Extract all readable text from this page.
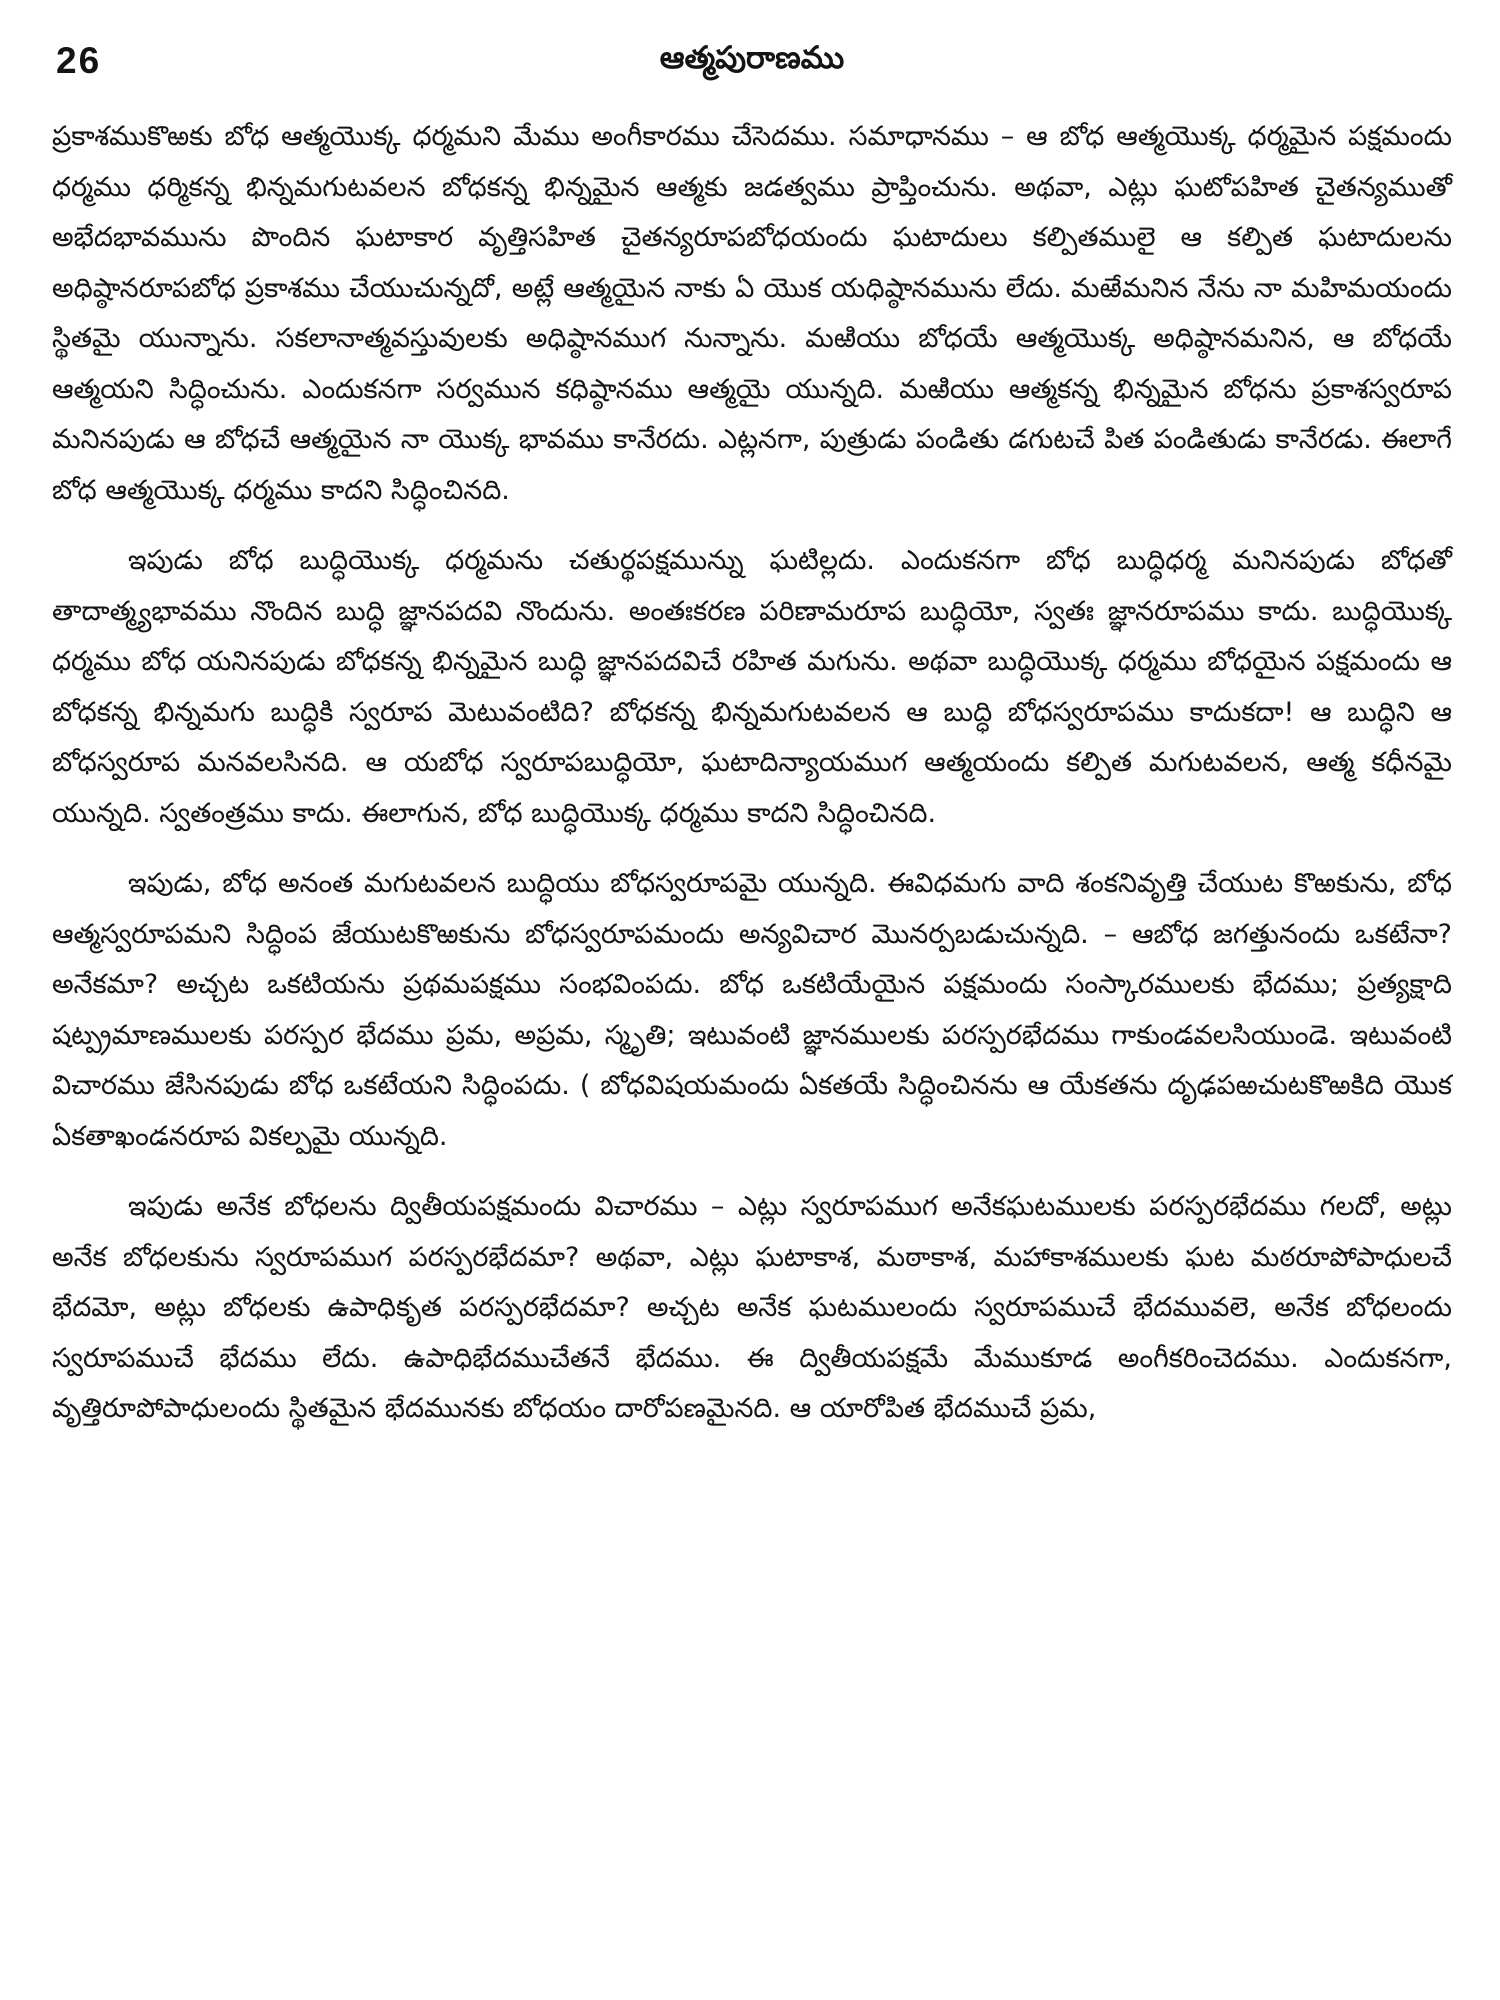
26	ఆత్మపురాణము

ప్రకాశముకొఱకు బోధ ఆత్మయొక్క ధర్మమని మేము అంగీకారము చేసెదము. సమాధానము – ఆ బోధ ఆత్మయొక్క ధర్మమైన పక్షమందు ధర్మము ధర్మికన్న భిన్నమగుటవలన బోధకన్న భిన్నమైన ఆత్మకు జడత్వము ప్రాప్తించును. అథవా, ఎట్లు ఘటోపహిత చైతన్యముతో అభేదభావమును పొందిన ఘటాకార వృత్తిసహిత చైతన్యరూపబోధయందు ఘటాదులు కల్పితములై ఆ కల్పిత ఘటాదులను అధిష్ఠానరూపబోధ ప్రకాశము చేయుచున్నదో, అట్లే ఆత్మయైన నాకు ఏ యొక యధిష్ఠానమును లేదు. మఱేమనిన నేను నా మహిమయందు స్థితమై యున్నాను. సకలానాత్మవస్తువులకు అధిష్ఠానముగ నున్నాను. మఱియు బోధయే ఆత్మయొక్క అధిష్ఠానమనిన, ఆ బోధయే ఆత్మయని సిద్ధించును. ఎందుకనగా సర్వమున కధిష్ఠానము ఆత్మయై యున్నది. మఱియు ఆత్మకన్న భిన్నమైన బోధను ప్రకాశస్వరూప మనినపుడు ఆ బోధచే ఆత్మయైన నా యొక్క భావము కానేరదు. ఎట్లనగా, పుత్రుడు పండితు డగుటచే పిత పండితుడు కానేరడు. ఈలాగే బోధ ఆత్మయొక్క ధర్మము కాదని సిద్ధించినది.

ఇపుడు బోధ బుద్ధియొక్క ధర్మమను చతుర్థపక్షమున్ను ఘటిల్లదు. ఎందుకనగా బోధ బుద్ధిధర్మ మనినపుడు బోధతో తాదాత్మ్యభావము నొందిన బుద్ధి జ్ఞానపదవి నొందును. అంతఃకరణ పరిణామరూప బుద్ధియో, స్వతః జ్ఞానరూపము కాదు. బుద్ధియొక్క ధర్మము బోధ యనినపుడు బోధకన్న భిన్నమైన బుద్ధి జ్ఞానపదవిచే రహిత మగును. అథవా బుద్ధియొక్క ధర్మము బోధయైన పక్షమందు ఆ బోధకన్న భిన్నమగు బుద్ధికి స్వరూప మెటువంటిది? బోధకన్న భిన్నమగుటవలన ఆ బుద్ధి బోధస్వరూపము కాదుకదా! ఆ బుద్ధిని ఆ బోధస్వరూప మనవలసినది. ఆ యబోధ స్వరూపబుద్ధియో, ఘటాదిన్యాయముగ ఆత్మయందు కల్పిత మగుటవలన, ఆత్మ కధీనమై యున్నది. స్వతంత్రము కాదు. ఈలాగున, బోధ బుద్ధియొక్క ధర్మము కాదని సిద్ధించినది.

ఇపుడు, బోధ అనంత మగుటవలన బుద్ధియు బోధస్వరూపమై యున్నది. ఈవిధమగు వాది శంకనివృత్తి చేయుట కొఱకును, బోధ ఆత్మస్వరూపమని సిద్ధింప జేయుటకొఱకును బోధస్వరూపమందు అన్యవిచార మొనర్పబడుచున్నది. – ఆబోధ జగత్తునందు ఒకటేనా? అనేకమా? అచ్చట ఒకటియను ప్రథమపక్షము సంభవింపదు. బోధ ఒకటియేయైన పక్షమందు సంస్కారములకు భేదము; ప్రత్యక్షాది షట్ప్రమాణములకు పరస్పర భేదము ప్రమ, అప్రమ, స్మృతి; ఇటువంటి జ్ఞానములకు పరస్పరభేదము గాకుండవలసియుండె. ఇటువంటి విచారము జేసినపుడు బోధ ఒకటేయని సిద్ధింపదు. ( బోధవిషయమందు ఏకతయే సిద్ధించినను ఆ యేకతను దృఢపఱచుటకొఱకిది యొక ఏకతాఖండనరూప వికల్పమై యున్నది.

ఇపుడు అనేక బోధలను ద్వితీయపక్షమందు విచారము – ఎట్లు స్వరూపముగ అనేకఘటములకు పరస్పరభేదము గలదో, అట్లు అనేక బోధలకును స్వరూపముగ పరస్పరభేదమా? అథవా, ఎట్లు ఘటాకాశ, మఠాకాశ, మహాకాశములకు ఘట మఠరూపోపాధులచే భేదమో, అట్లు బోధలకు ఉపాధికృత పరస్పరభేదమా? అచ్చట అనేక ఘటములందు స్వరూపముచే భేదమువలె, అనేక బోధలందు స్వరూపముచే భేదము లేదు. ఉపాధిభేదముచేతనే భేదము. ఈ ద్వితీయపక్షమే మేముకూడ అంగీకరించెదము. ఎందుకనగా, వృత్తిరూపోపాధులందు స్థితమైన భేదమునకు బోధయం దారోపణమైనది. ఆ యారోపిత భేదముచే ప్రమ,
